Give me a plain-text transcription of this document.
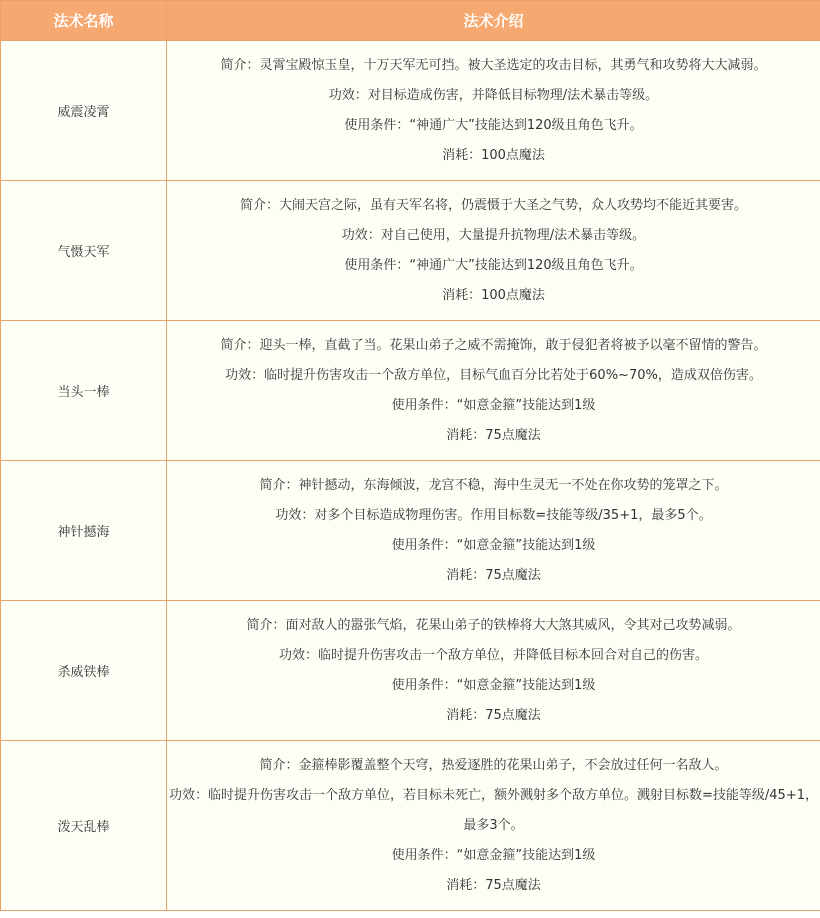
法术名称	法术介绍
威震凌霄	简介：灵霄宝殿惊玉皇，十万天军无可挡。被大圣选定的攻击目标，其勇气和攻势将大大减弱。

功效：对目标造成伤害，并降低目标物理/法术暴击等级。

使用条件：“神通广大”技能达到120级且角色飞升。

消耗：100点魔法

气慑天军	简介：大闹天宫之际，虽有天军名将，仍震慑于大圣之气势，众人攻势均不能近其要害。

功效：对自己使用，大量提升抗物理/法术暴击等级。

使用条件：“神通广大”技能达到120级且角色飞升。

消耗：100点魔法

当头一棒	简介：迎头一棒，直截了当。花果山弟子之威不需掩饰，敢于侵犯者将被予以毫不留情的警告。

功效：临时提升伤害攻击一个敌方单位，目标气血百分比若处于60%~70%，造成双倍伤害。

使用条件：“如意金箍”技能达到1级

消耗：75点魔法

神针撼海	简介：神针撼动，东海倾波，龙宫不稳，海中生灵无一不处在你攻势的笼罩之下。

功效：对多个目标造成物理伤害。作用目标数=技能等级/35+1，最多5个。

使用条件：“如意金箍”技能达到1级

消耗：75点魔法

杀威铁棒	简介：面对敌人的嚣张气焰，花果山弟子的铁棒将大大煞其威风，令其对己攻势减弱。

功效：临时提升伤害攻击一个敌方单位，并降低目标本回合对自己的伤害。

使用条件：“如意金箍”技能达到1级

消耗：75点魔法

泼天乱棒	简介：金箍棒影覆盖整个天穹，热爱逐胜的花果山弟子，不会放过任何一名敌人。

功效：临时提升伤害攻击一个敌方单位，若目标未死亡，额外溅射多个敌方单位。溅射目标数=技能等级/45+1，最多3个。

使用条件：“如意金箍”技能达到1级

消耗：75点魔法
